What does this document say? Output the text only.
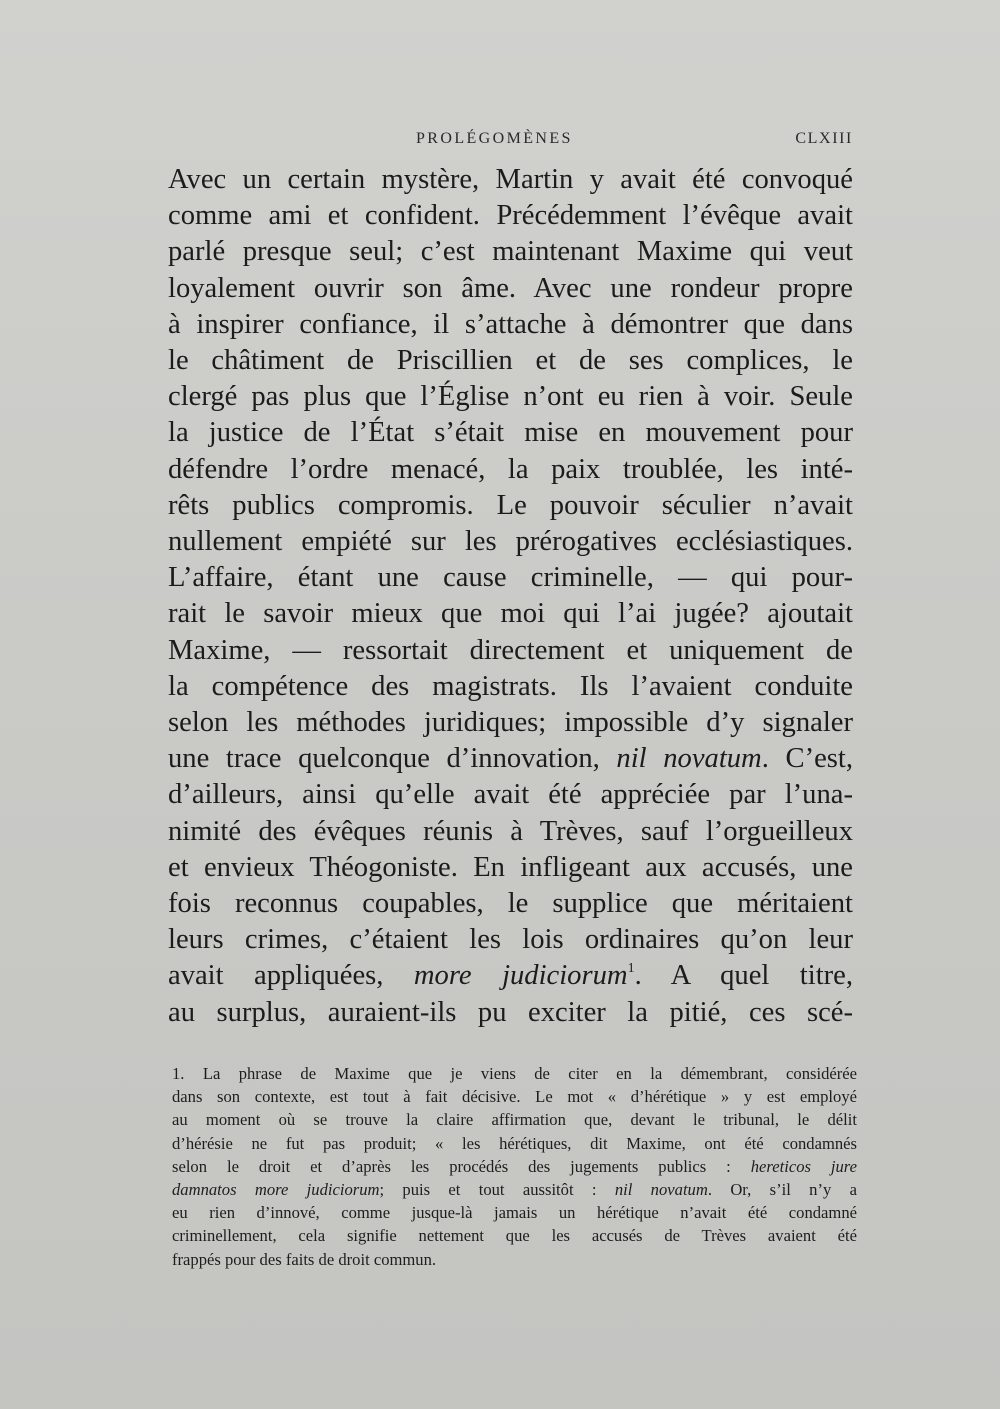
PROLÉGOMÈNES	CLXIII
Avec un certain mystère, Martin y avait été convoqué
comme ami et confident. Précédemment l’évêque avait
parlé presque seul; c’est maintenant Maxime qui veut
loyalement ouvrir son âme. Avec une rondeur propre
à inspirer confiance, il s’attache à démontrer que dans
le châtiment de Priscillien et de ses complices, le
clergé pas plus que l’Église n’ont eu rien à voir. Seule
la justice de l’État s’était mise en mouvement pour
défendre l’ordre menacé, la paix troublée, les inté-
rêts publics compromis. Le pouvoir séculier n’avait
nullement empiété sur les prérogatives ecclésiastiques.
L’affaire, étant une cause criminelle, — qui pour-
rait le savoir mieux que moi qui l’ai jugée? ajoutait
Maxime, — ressortait directement et uniquement de
la compétence des magistrats. Ils l’avaient conduite
selon les méthodes juridiques; impossible d’y signaler
une trace quelconque d’innovation, nil novatum. C’est,
d’ailleurs, ainsi qu’elle avait été appréciée par l’una-
nimité des évêques réunis à Trèves, sauf l’orgueilleux
et envieux Théogoniste. En infligeant aux accusés, une
fois reconnus coupables, le supplice que méritaient
leurs crimes, c’étaient les lois ordinaires qu’on leur
avait appliquées, more judiciorum$^1$. A quel titre,
au surplus, auraient-ils pu exciter la pitié, ces scé-
1. La phrase de Maxime que je viens de citer en la démembrant, considérée
dans son contexte, est tout à fait décisive. Le mot « d’hérétique » y est employé
au moment où se trouve la claire affirmation que, devant le tribunal, le délit
d’hérésie ne fut pas produit; « les hérétiques, dit Maxime, ont été condamnés
selon le droit et d’après les procédés des jugements publics : hereticos jure
damnatos more judiciorum; puis et tout aussitôt : nil novatum. Or, s’il n’y a
eu rien d’innové, comme jusque-là jamais un hérétique n’avait été condamné
criminellement, cela signifie nettement que les accusés de Trèves avaient été
frappés pour des faits de droit commun.
